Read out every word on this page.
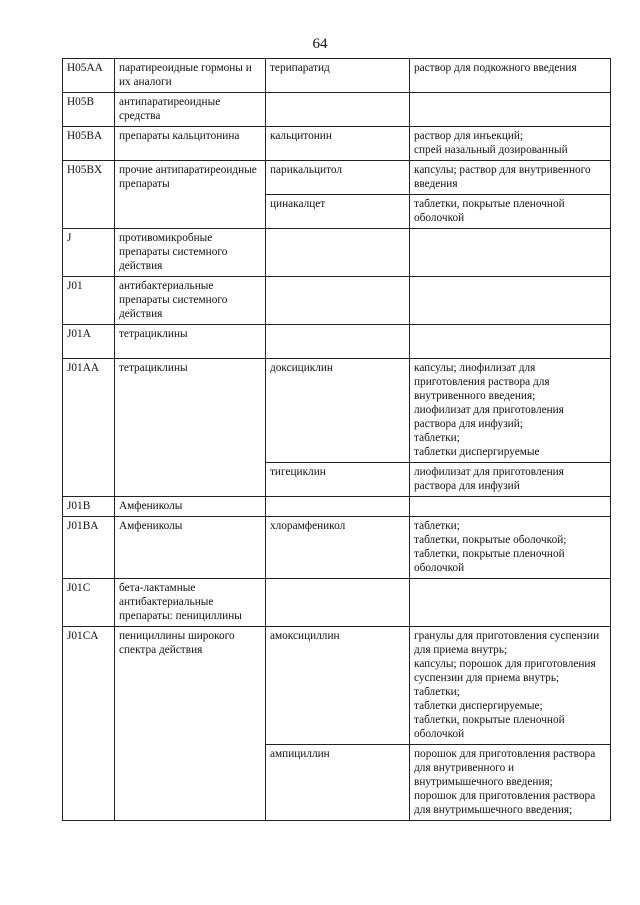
64
H05AA	паратиреоидные гормоны и их аналоги	терипаратид	раствор для подкожного введения

H05B	антипаратиреоидные средства		
H05BA	препараты кальцитонина	кальцитонин	раствор для инъекций;
спрей назальный дозированный

H05BX	прочие антипаратиреоидные препараты	парикальцитол	капсулы; раствор для внутривенного введения

		цинакалцет	таблетки, покрытые пленочной оболочкой

J	противомикробные препараты системного действия		
J01	антибактериальные препараты системного действия		
J01A	тетрациклины		
J01AA	тетрациклины	доксициклин	капсулы; лиофилизат для приготовления раствора для внутривенного введения;
лиофилизат для приготовления раствора для инфузий;
таблетки;
таблетки диспергируемые

		тигециклин	лиофилизат для приготовления раствора для инфузий

J01B	Амфениколы		
J01BA	Амфениколы	хлорамфеникол	таблетки;
таблетки, покрытые оболочкой;
таблетки, покрытые пленочной оболочкой

J01C	бета-лактамные антибактериальные препараты: пенициллины		
J01CA	пенициллины широкого спектра действия	амоксициллин	гранулы для приготовления суспензии для приема внутрь;
капсулы; порошок для приготовления суспензии для приема внутрь;
таблетки;
таблетки диспергируемые;
таблетки, покрытые пленочной оболочкой

		ампициллин	порошок для приготовления раствора
для внутривенного и внутримышечного введения;
порошок для приготовления раствора для внутримышечного введения;
